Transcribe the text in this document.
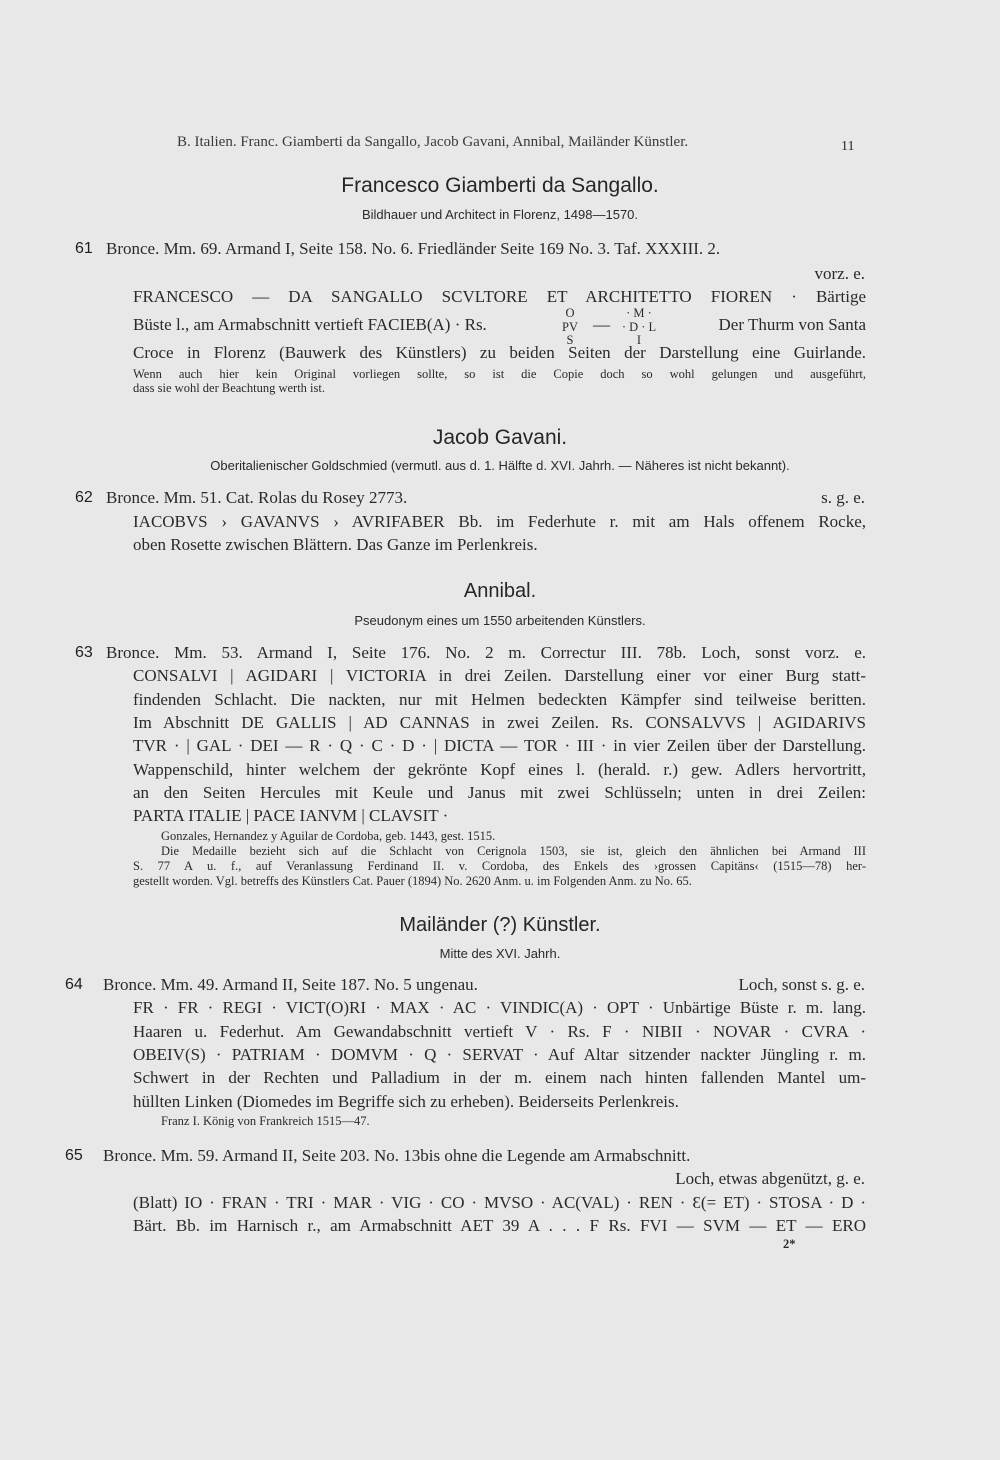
B. Italien. Franc. Giamberti da Sangallo, Jacob Gavani, Annibal, Mailänder Künstler.	11
Francesco Giamberti da Sangallo.
Bildhauer und Architect in Florenz, 1498—1570.
61 Bronce. Mm. 69. Armand I, Seite 158. No. 6. Friedländer Seite 169 No. 3. Taf. XXXIII. 2.
vorz. e.
FRANCESCO — DA SANGALLO SCVLTORE ET ARCHITETTO FIOREN · Bärtige
Büste l., am Armabschnitt vertieft FACIEB(A) · Rs.
O
PV
S
—
· M ·
· D · L
I
Der Thurm von Santa
Croce in Florenz (Bauwerk des Künstlers) zu beiden Seiten der Darstellung eine Guirlande.
Wenn auch hier kein Original vorliegen sollte, so ist die Copie doch so wohl gelungen und ausgeführt,
dass sie wohl der Beachtung werth ist.
Jacob Gavani.
Oberitalienischer Goldschmied (vermutl. aus d. 1. Hälfte d. XVI. Jahrh. — Näheres ist nicht bekannt).
62 Bronce. Mm. 51. Cat. Rolas du Rosey 2773.	s. g. e.
IACOBVS › GAVANVS › AVRIFABER Bb. im Federhute r. mit am Hals offenem Rocke,
oben Rosette zwischen Blättern. Das Ganze im Perlenkreis.
Annibal.
Pseudonym eines um 1550 arbeitenden Künstlers.
63 Bronce. Mm. 53. Armand I, Seite 176. No. 2 m. Correctur III. 78b. Loch, sonst vorz. e.
CONSALVI | AGIDARI | VICTORIA in drei Zeilen. Darstellung einer vor einer Burg statt-
findenden Schlacht. Die nackten, nur mit Helmen bedeckten Kämpfer sind teilweise beritten.
Im Abschnitt DE GALLIS | AD CANNAS in zwei Zeilen. Rs. CONSALVVS | AGIDARIVS
TVR · | GAL · DEI — R · Q · C · D · | DICTA — TOR · III · in vier Zeilen über der Darstellung.
Wappenschild, hinter welchem der gekrönte Kopf eines l. (herald. r.) gew. Adlers hervortritt,
an den Seiten Hercules mit Keule und Janus mit zwei Schlüsseln; unten in drei Zeilen:
PARTA ITALIE | PACE IANVM | CLAVSIT ·
Gonzales, Hernandez y Aguilar de Cordoba, geb. 1443, gest. 1515.
Die Medaille bezieht sich auf die Schlacht von Cerignola 1503, sie ist, gleich den ähnlichen bei Armand III
S. 77 A u. f., auf Veranlassung Ferdinand II. v. Cordoba, des Enkels des ›grossen Capitäns‹ (1515—78) her-
gestellt worden. Vgl. betreffs des Künstlers Cat. Pauer (1894) No. 2620 Anm. u. im Folgenden Anm. zu No. 65.
Mailänder (?) Künstler.
Mitte des XVI. Jahrh.
64 Bronce. Mm. 49. Armand II, Seite 187. No. 5 ungenau.	Loch, sonst s. g. e.
FR · FR · REGI · VICT(O)RI · MAX · AC · VINDIC(A) · OPT · Unbärtige Büste r. m. lang.
Haaren u. Federhut. Am Gewandabschnitt vertieft V · Rs. F · NIBII · NOVAR · CVRA ·
OBEIV(S) · PATRIAM · DOMVM · Q · SERVAT · Auf Altar sitzender nackter Jüngling r. m.
Schwert in der Rechten und Palladium in der m. einem nach hinten fallenden Mantel um-
hüllten Linken (Diomedes im Begriffe sich zu erheben). Beiderseits Perlenkreis.
Franz I. König von Frankreich 1515—47.
65 Bronce. Mm. 59. Armand II, Seite 203. No. 13bis ohne die Legende am Armabschnitt.
Loch, etwas abgenützt, g. e.
(Blatt) IO · FRAN · TRI · MAR · VIG · CO · MVSO · AC(VAL) · REN · Ɛ(= ET) · STOSA · D ·
Bärt. Bb. im Harnisch r., am Armabschnitt AET 39 A . . . F Rs. FVI — SVM — ET — ERO
2*
